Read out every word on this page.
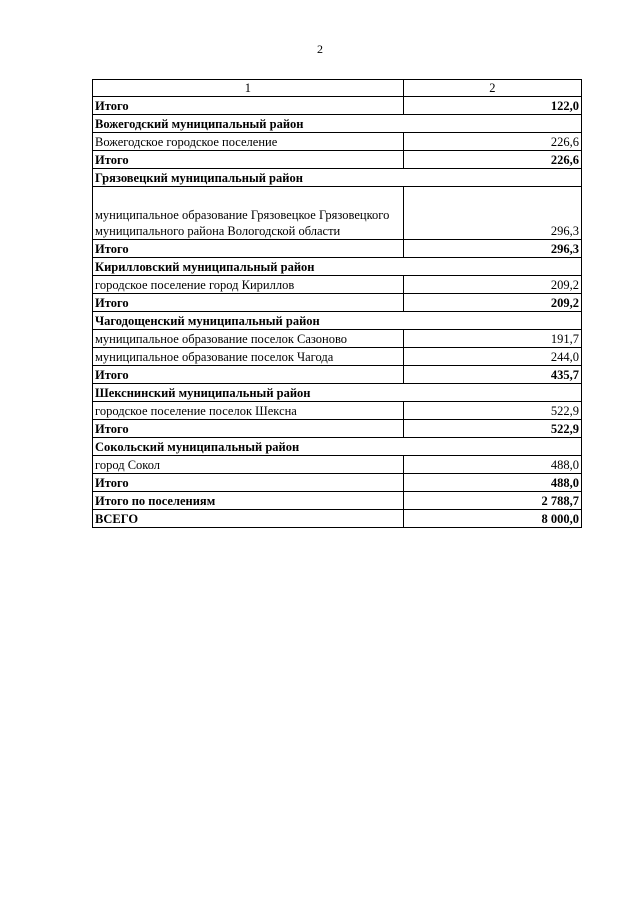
2
1	2
Итого	122,0
Вожегодский муниципальный район	
Вожегодское городское поселение	226,6
Итого	226,6
Грязовецкий муниципальный район	
муниципальное образование Грязовецкое Грязовецкого муниципального района Вологодской области	296,3
Итого	296,3
Кирилловский муниципальный район	
городское поселение город Кириллов	209,2
Итого	209,2
Чагодощенский муниципальный район	
муниципальное образование поселок Сазоново	191,7
муниципальное образование поселок Чагода	244,0
Итого	435,7
Шекснинский муниципальный район	
городское поселение поселок Шексна	522,9
Итого	522,9
Сокольский муниципальный район	
город Сокол	488,0
Итого	488,0
Итого по поселениям	2 788,7
ВСЕГО	8 000,0
